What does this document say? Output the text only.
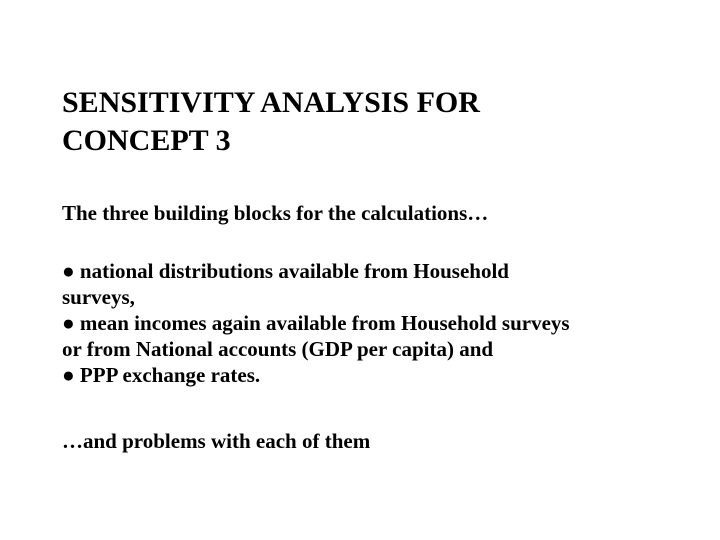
SENSITIVITY ANALYSIS FOR
CONCEPT 3

The three building blocks for the calculations…

● national distributions available from Household
surveys,
● mean incomes again available from Household surveys
or from National accounts (GDP per capita) and
● PPP exchange rates.

…and problems with each of them
